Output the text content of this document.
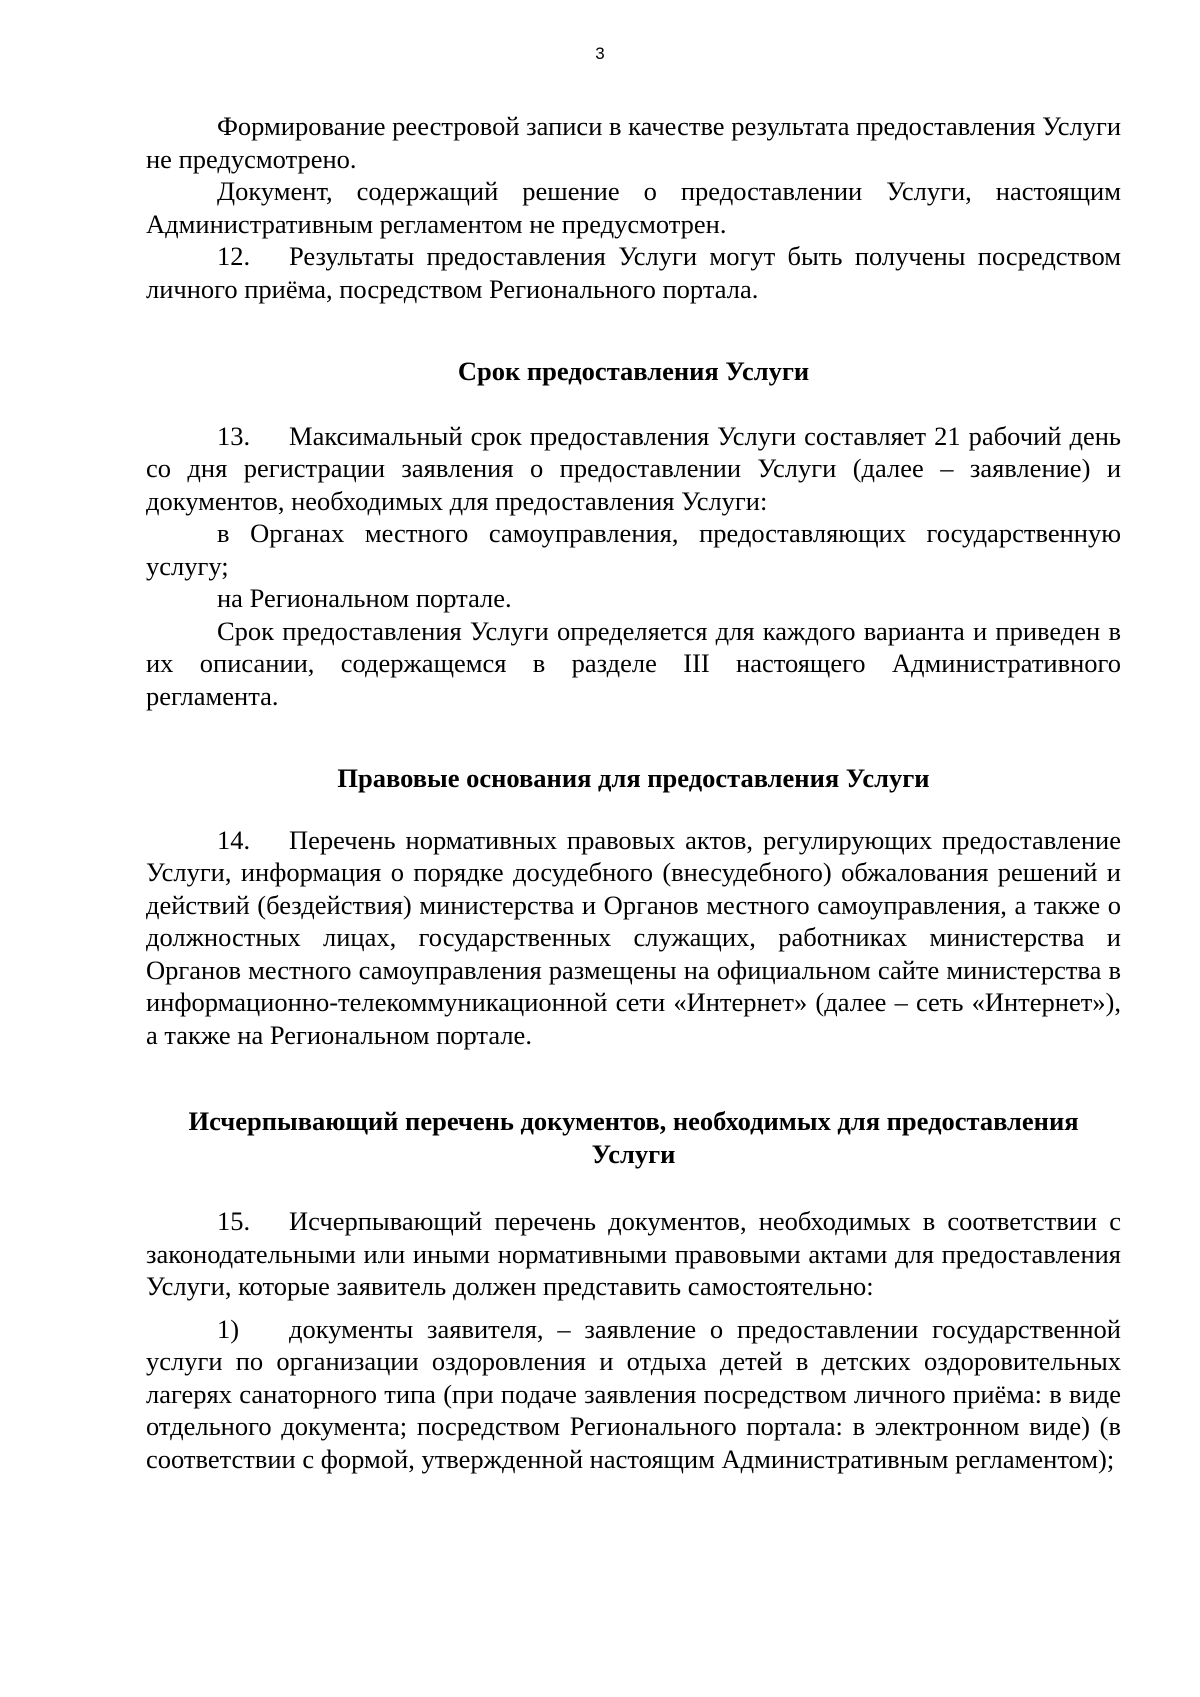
3

Формирование реестровой записи в качестве результата предоставления Услуги не предусмотрено.

Документ, содержащий решение о предоставлении Услуги, настоящим Административным регламентом не предусмотрен.

12. Результаты предоставления Услуги могут быть получены посредством личного приёма, посредством Регионального портала.

Срок предоставления Услуги

13. Максимальный срок предоставления Услуги составляет 21 рабочий день со дня регистрации заявления о предоставлении Услуги (далее – заявление) и документов, необходимых для предоставления Услуги:

в Органах местного самоуправления, предоставляющих государственную услугу;

на Региональном портале.

Срок предоставления Услуги определяется для каждого варианта и приведен в их описании, содержащемся в разделе III настоящего Административного регламента.

Правовые основания для предоставления Услуги

14. Перечень нормативных правовых актов, регулирующих предоставление Услуги, информация о порядке досудебного (внесудебного) обжалования решений и действий (бездействия) министерства и Органов местного самоуправления, а также о должностных лицах, государственных служащих, работниках министерства и Органов местного самоуправления размещены на официальном сайте министерства в информационно-телекоммуникационной сети «Интернет» (далее – сеть «Интернет»), а также на Региональном портале.

Исчерпывающий перечень документов, необходимых для предоставления
Услуги

15. Исчерпывающий перечень документов, необходимых в соответствии с законодательными или иными нормативными правовыми актами для предоставления Услуги, которые заявитель должен представить самостоятельно:

1) документы заявителя, – заявление о предоставлении государственной услуги по организации оздоровления и отдыха детей в детских оздоровительных лагерях санаторного типа (при подаче заявления посредством личного приёма: в виде отдельного документа; посредством Регионального портала: в электронном виде) (в соответствии с формой, утвержденной настоящим Административным регламентом);
